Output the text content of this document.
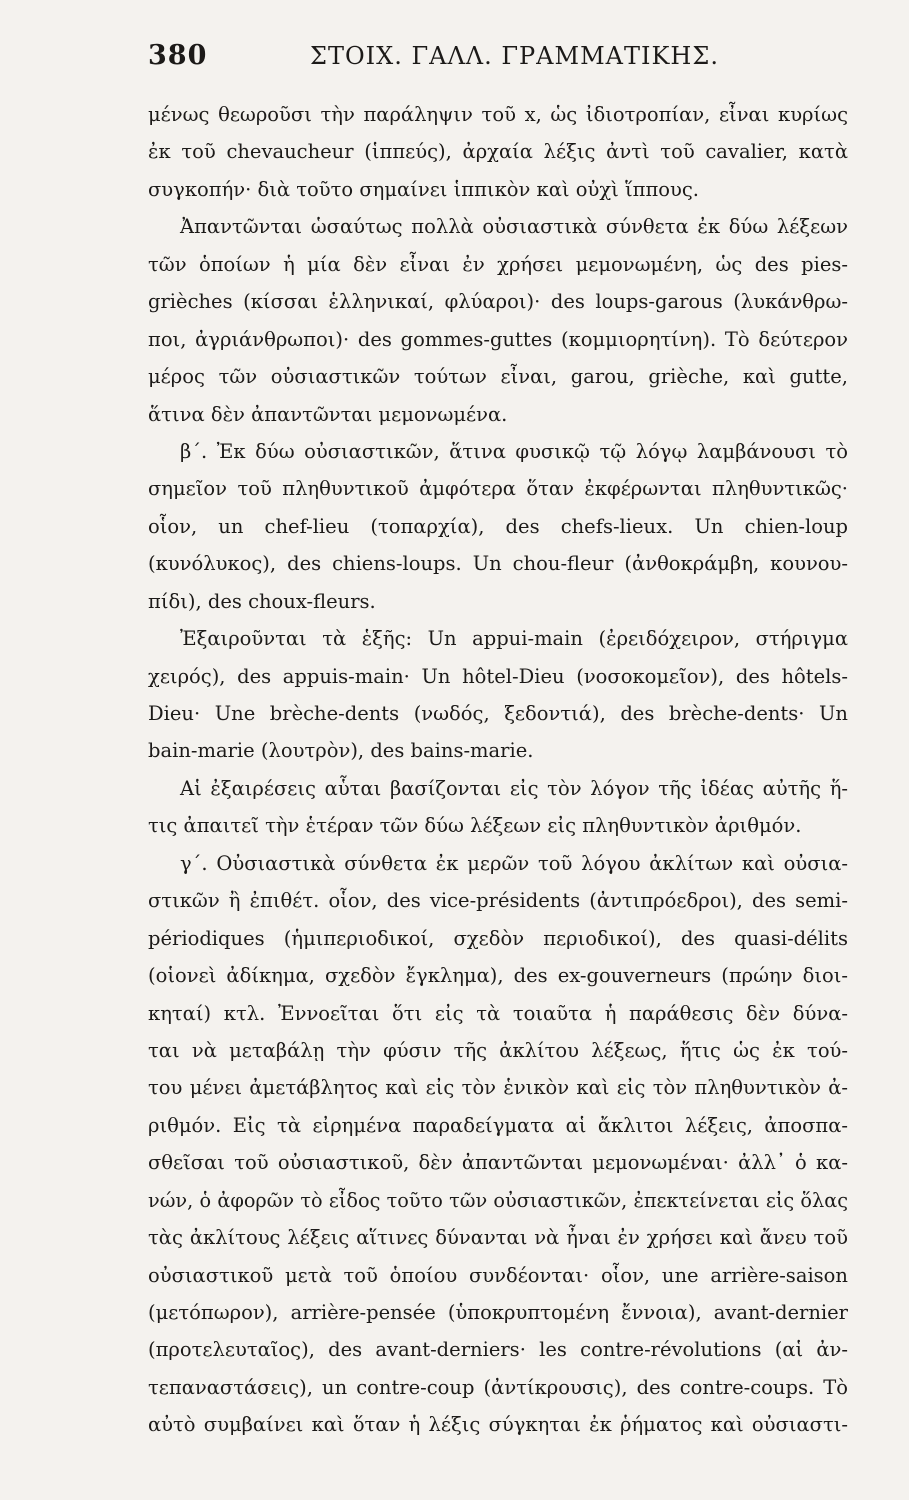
380	ΣΤΟΙΧ. ΓΑΛΛ. ΓΡΑΜΜΑΤΙΚΗΣ.
μένως θεωροῦσι τὴν παράληψιν τοῦ x, ὡς ἰδιοτροπίαν, εἶναι κυρίως
ἐκ τοῦ chevaucheur (ἱππεύς), ἀρχαία λέξις ἀντὶ τοῦ cavalier, κατὰ
συγκοπήν· διὰ τοῦτο σημαίνει ἱππικὸν καὶ οὐχὶ ἵππους.
Ἀπαντῶνται ὡσαύτως πολλὰ οὐσιαστικὰ σύνθετα ἐκ δύω λέξεων
τῶν ὁποίων ἡ μία δὲν εἶναι ἐν χρήσει μεμονωμένη, ὡς des pies-
grièches (κίσσαι ἑλληνικαί, φλύαροι)· des loups-garous (λυκάνθρω-
ποι, ἀγριάνθρωποι)· des gommes-guttes (κομμιορητίνη). Τὸ δεύτερον
μέρος τῶν οὐσιαστικῶν τούτων εἶναι, garou, grièche, καὶ gutte,
ἅτινα δὲν ἀπαντῶνται μεμονωμένα.
β΄. Ἐκ δύω οὐσιαστικῶν, ἅτινα φυσικῷ τῷ λόγῳ λαμβάνουσι τὸ
σημεῖον τοῦ πληθυντικοῦ ἀμφότερα ὅταν ἐκφέρωνται πληθυντικῶς·
οἷον, un chef-lieu (τοπαρχία), des chefs-lieux. Un chien-loup
(κυνόλυκος), des chiens-loups. Un chou-fleur (ἀνθοκράμβη, κουνου-
πίδι), des choux-fleurs.
Ἐξαιροῦνται τὰ ἑξῆς: Un appui-main (ἐρειδόχειρον, στήριγμα
χειρός), des appuis-main· Un hôtel-Dieu (νοσοκομεῖον), des hôtels-
Dieu· Une brèche-dents (νωδός, ξεδοντιά), des brèche-dents· Un
bain-marie (λουτρὸν), des bains-marie.
Αἱ ἐξαιρέσεις αὗται βασίζονται εἰς τὸν λόγον τῆς ἰδέας αὐτῆς ἥ-
τις ἀπαιτεῖ τὴν ἑτέραν τῶν δύω λέξεων εἰς πληθυντικὸν ἀριθμόν.
γ΄. Οὐσιαστικὰ σύνθετα ἐκ μερῶν τοῦ λόγου ἀκλίτων καὶ οὐσια-
στικῶν ἢ ἐπιθέτ. οἷον, des vice-présidents (ἀντιπρόεδροι), des semi-
périodiques (ἡμιπεριοδικοί, σχεδὸν περιοδικοί), des quasi-délits
(οἱονεὶ ἀδίκημα, σχεδὸν ἔγκλημα), des ex-gouverneurs (πρώην διοι-
κηταί) κτλ. Ἐννοεῖται ὅτι εἰς τὰ τοιαῦτα ἡ παράθεσις δὲν δύνα-
ται νὰ μεταβάλῃ τὴν φύσιν τῆς ἀκλίτου λέξεως, ἥτις ὡς ἐκ τού-
του μένει ἀμετάβλητος καὶ εἰς τὸν ἑνικὸν καὶ εἰς τὸν πληθυντικὸν ἀ-
ριθμόν. Εἰς τὰ εἰρημένα παραδείγματα αἱ ἄκλιτοι λέξεις, ἀποσπα-
σθεῖσαι τοῦ οὐσιαστικοῦ, δὲν ἀπαντῶνται μεμονωμέναι· ἀλλ᾽ ὁ κα-
νών, ὁ ἀφορῶν τὸ εἶδος τοῦτο τῶν οὐσιαστικῶν, ἐπεκτείνεται εἰς ὅλας
τὰς ἀκλίτους λέξεις αἵτινες δύνανται νὰ ἦναι ἐν χρήσει καὶ ἄνευ τοῦ
οὐσιαστικοῦ μετὰ τοῦ ὁποίου συνδέονται· οἷον, une arrière-saison
(μετόπωρον), arrière-pensée (ὑποκρυπτομένη ἔννοια), avant-dernier
(προτελευταῖος), des avant-derniers· les contre-révolutions (αἱ ἀν-
τεπαναστάσεις), un contre-coup (ἀντίκρουσις), des contre-coups. Τὸ
αὐτὸ συμβαίνει καὶ ὅταν ἡ λέξις σύγκηται ἐκ ῥήματος καὶ οὐσιαστι-
